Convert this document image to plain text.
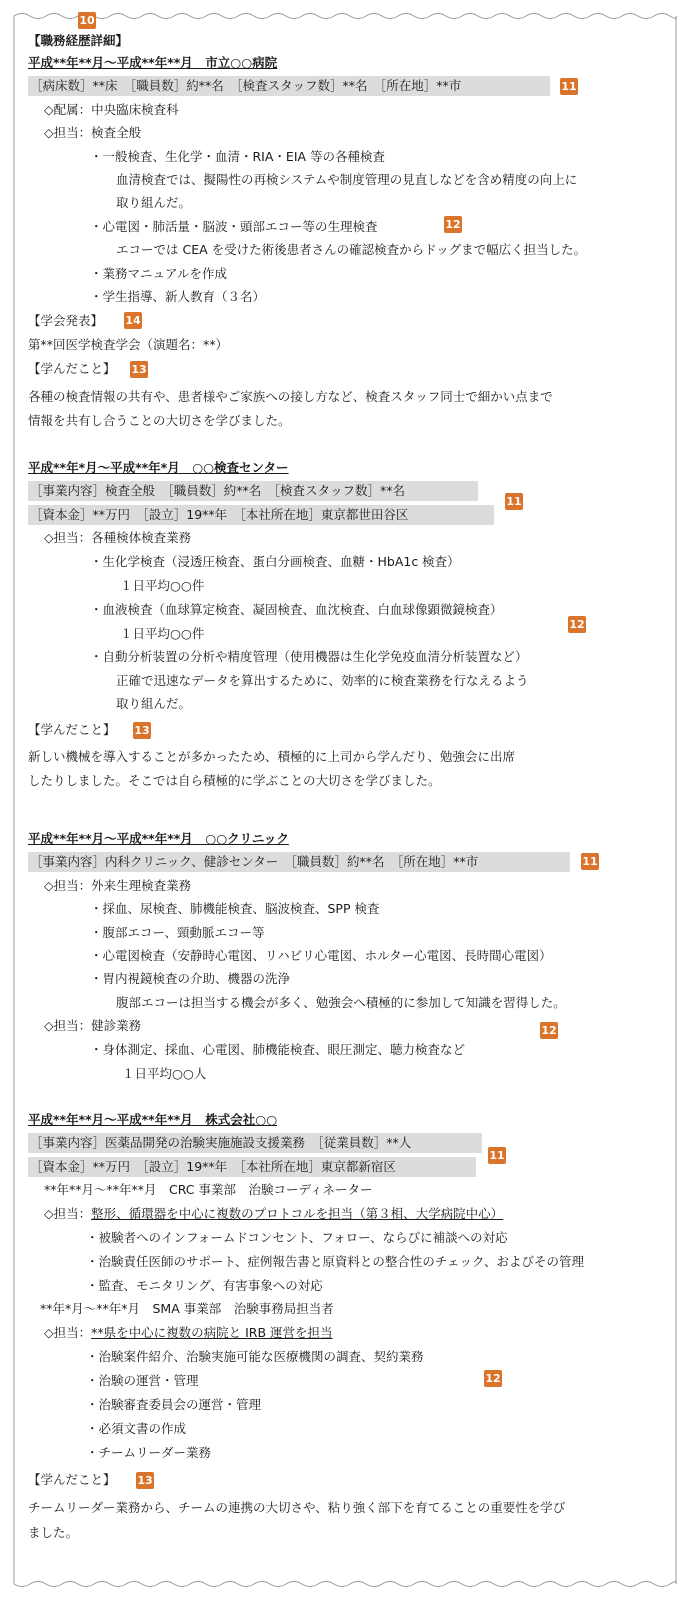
10
【職務経歴詳細】
平成**年**月～平成**年**月　市立○○病院
［病床数］**床　［職員数］約**名　［検査スタッフ数］**名　［所在地］**市	11
◇配属：中央臨床検査科
◇担当：検査全般
・一般検査、生化学・血清・RIA・EIA 等の各種検査
血清検査では、擬陽性の再検システムや制度管理の見直しなどを含め精度の向上に
取り組んだ。
・心電図・肺活量・脳波・頭部エコー等の生理検査	12
エコーでは CEA を受けた術後患者さんの確認検査からドッグまで幅広く担当した。
・業務マニュアルを作成
・学生指導、新人教育（３名）
【学会発表】 14
第**回医学検査学会（演題名：**）
【学んだこと】 13
各種の検査情報の共有や、患者様やご家族への接し方など、検査スタッフ同士で細かい点まで
情報を共有し合うことの大切さを学びました。
平成**年*月～平成**年*月　○○検査センター
［事業内容］検査全般　［職員数］約**名　［検査スタッフ数］**名
［資本金］**万円　［設立］19**年　［本社所在地］東京都世田谷区
11
◇担当：各種検体検査業務
・生化学検査（浸透圧検査、蛋白分画検査、血糖・HbA1c 検査）
１日平均○○件
・血液検査（血球算定検査、凝固検査、血沈検査、白血球像顕微鏡検査）
12
１日平均○○件
・自動分析装置の分析や精度管理（使用機器は生化学免疫血清分析装置など）
正確で迅速なデータを算出するために、効率的に検査業務を行なえるよう
取り組んだ。
【学んだこと】 13
新しい機械を導入することが多かったため、積極的に上司から学んだり、勉強会に出席
したりしました。そこでは自ら積極的に学ぶことの大切さを学びました。
平成**年**月～平成**年**月　○○クリニック
［事業内容］内科クリニック、健診センター　［職員数］約**名　［所在地］**市	11
◇担当：外来生理検査業務
・採血、尿検査、肺機能検査、脳波検査、SPP 検査
・腹部エコー、頸動脈エコー等
・心電図検査（安静時心電図、リハビリ心電図、ホルター心電図、長時間心電図）
・胃内視鏡検査の介助、機器の洗浄
腹部エコーは担当する機会が多く、勉強会へ積極的に参加して知識を習得した。
◇担当：健診業務	12
・身体測定、採血、心電図、肺機能検査、眼圧測定、聴力検査など
１日平均○○人
平成**年**月～平成**年**月　株式会社○○
［事業内容］医薬品開発の治験実施施設支援業務　［従業員数］**人
［資本金］**万円　［設立］19**年　［本社所在地］東京都新宿区
11
**年**月～**年**月　CRC 事業部　治験コーディネーター
◇担当：整形、循環器を中心に複数のプロトコルを担当（第３相、大学病院中心）
・被験者へのインフォームドコンセント、フォロー、ならびに補談への対応
・治験責任医師のサポート、症例報告書と原資料との整合性のチェック、およびその管理
・監査、モニタリング、有害事象への対応
**年*月～**年*月　SMA 事業部　治験事務局担当者
◇担当：**県を中心に複数の病院と IRB 運営を担当
・治験案件紹介、治験実施可能な医療機関の調査、契約業務
・治験の運営・管理	12
・治験審査委員会の運営・管理
・必須文書の作成
・チームリーダー業務
【学んだこと】 13
チームリーダー業務から、チームの連携の大切さや、粘り強く部下を育てることの重要性を学び
ました。
